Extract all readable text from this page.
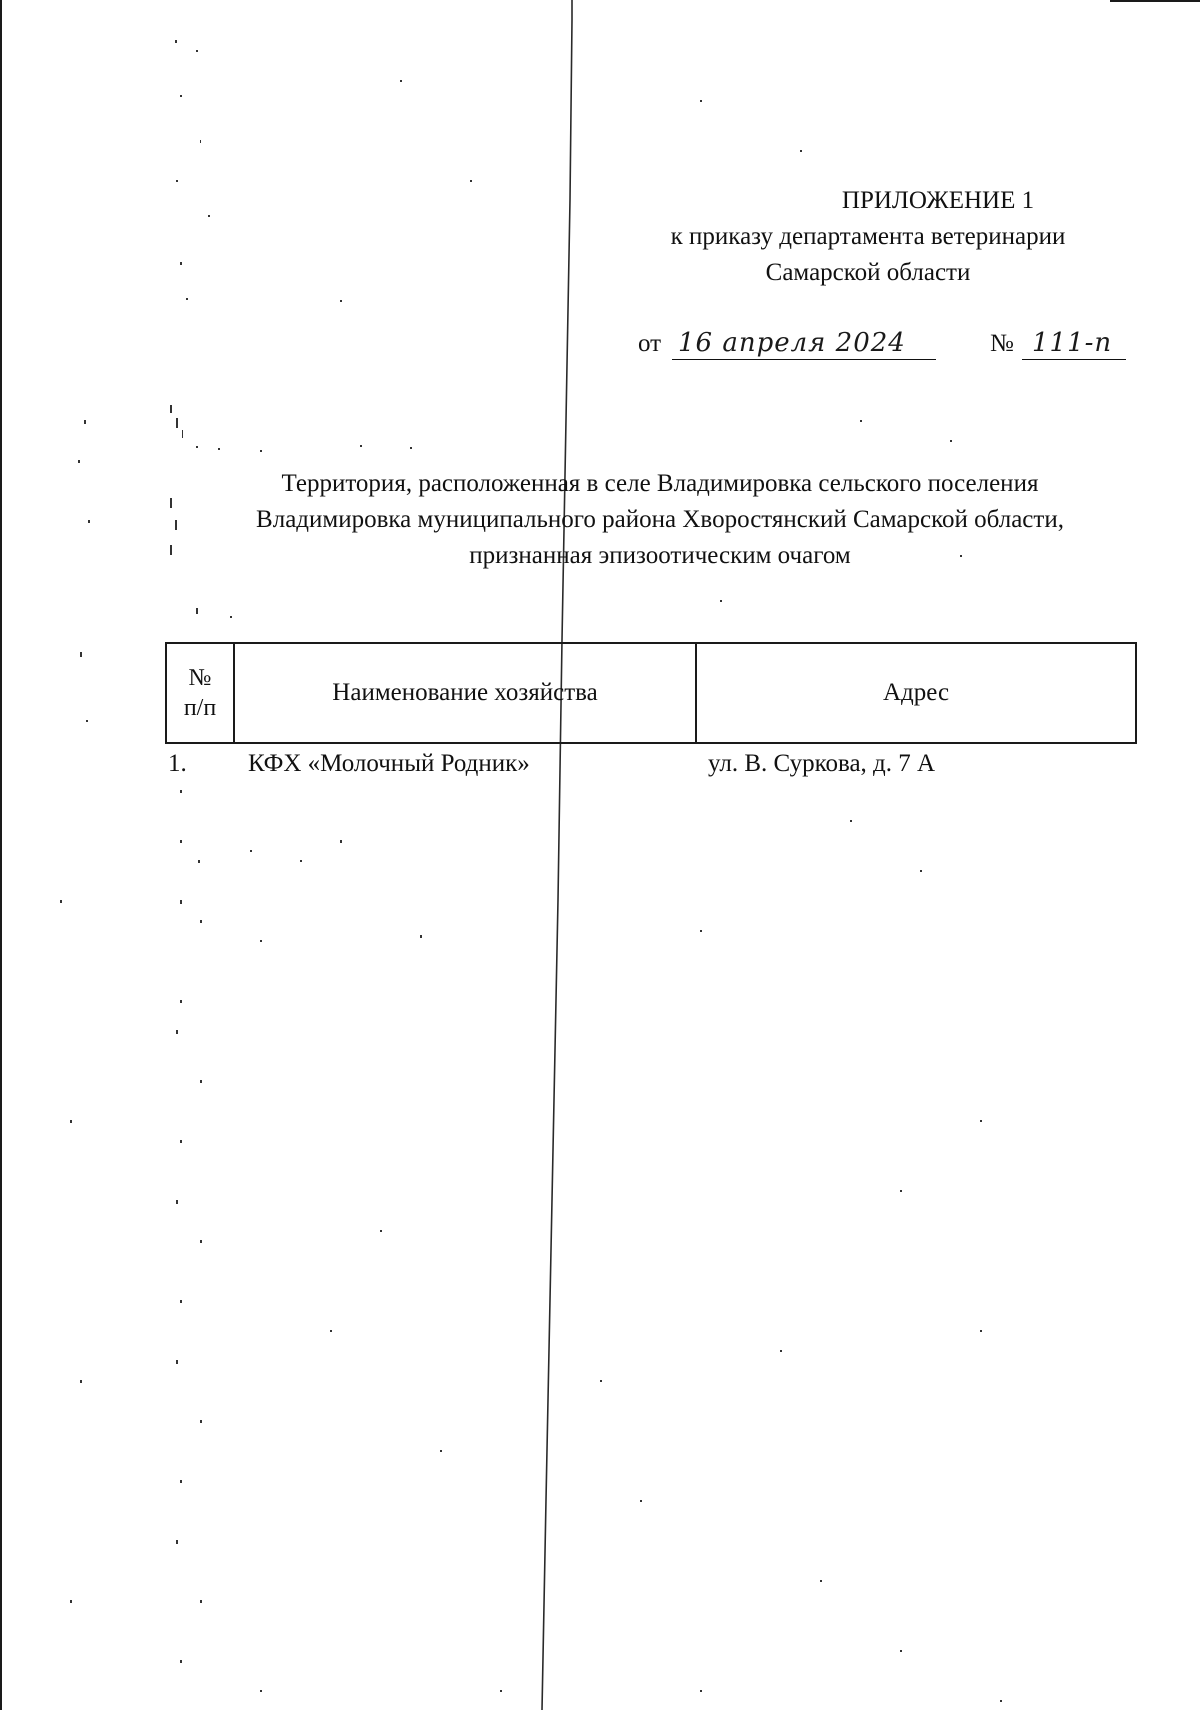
ПРИЛОЖЕНИЕ 1
к приказу департамента ветеринарии
Самарской области
от 16 апреля 2024	№ 111-п
Территория, расположенная в селе Владимировка сельского поселения
Владимировка муниципального района Хворостянский Самарской области,
признанная эпизоотическим очагом
№
п/п	Наименование хозяйства	Адрес
1.	КФХ «Молочный Родник»	ул. В. Суркова, д. 7 А
